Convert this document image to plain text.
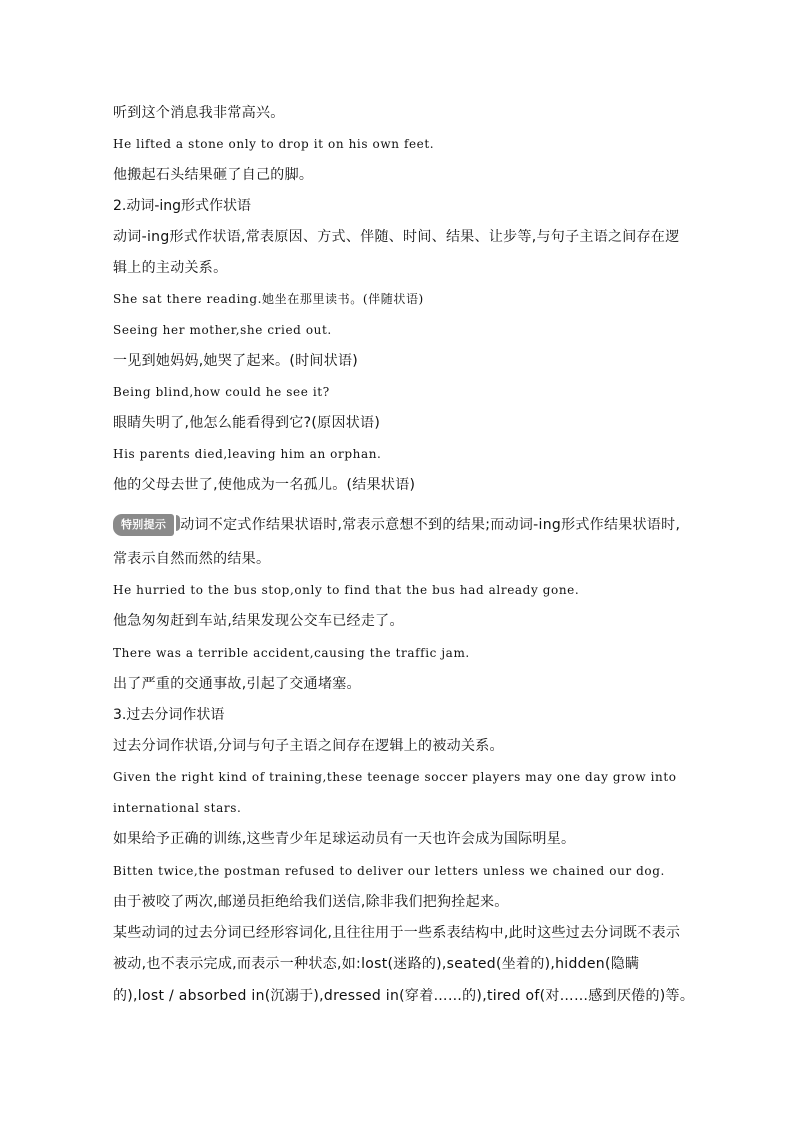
听到这个消息我非常高兴。
He lifted a stone only to drop it on his own feet.
他搬起石头结果砸了自己的脚。
2.动词-ing形式作状语
动词-ing形式作状语,常表原因、方式、伴随、时间、结果、让步等,与句子主语之间存在逻
辑上的主动关系。
She sat there reading.她坐在那里读书。(伴随状语)
Seeing her mother,she cried out.
一见到她妈妈,她哭了起来。(时间状语)
Being blind,how could he see it?
眼睛失明了,他怎么能看得到它?(原因状语)
His parents died,leaving him an orphan.
他的父母去世了,使他成为一名孤儿。(结果状语)
特别提示 动词不定式作结果状语时,常表示意想不到的结果;而动词-ing形式作结果状语时,
常表示自然而然的结果。
He hurried to the bus stop,only to find that the bus had already gone.
他急匆匆赶到车站,结果发现公交车已经走了。
There was a terrible accident,causing the traffic jam.
出了严重的交通事故,引起了交通堵塞。
3.过去分词作状语
过去分词作状语,分词与句子主语之间存在逻辑上的被动关系。
Given the right kind of training,these teenage soccer players may one day grow into
international stars.
如果给予正确的训练,这些青少年足球运动员有一天也许会成为国际明星。
Bitten twice,the postman refused to deliver our letters unless we chained our dog.
由于被咬了两次,邮递员拒绝给我们送信,除非我们把狗拴起来。
某些动词的过去分词已经形容词化,且往往用于一些系表结构中,此时这些过去分词既不表示
被动,也不表示完成,而表示一种状态,如:lost(迷路的),seated(坐着的),hidden(隐瞒
的),lost / absorbed in(沉溺于),dressed in(穿着……的),tired of(对……感到厌倦的)等。
